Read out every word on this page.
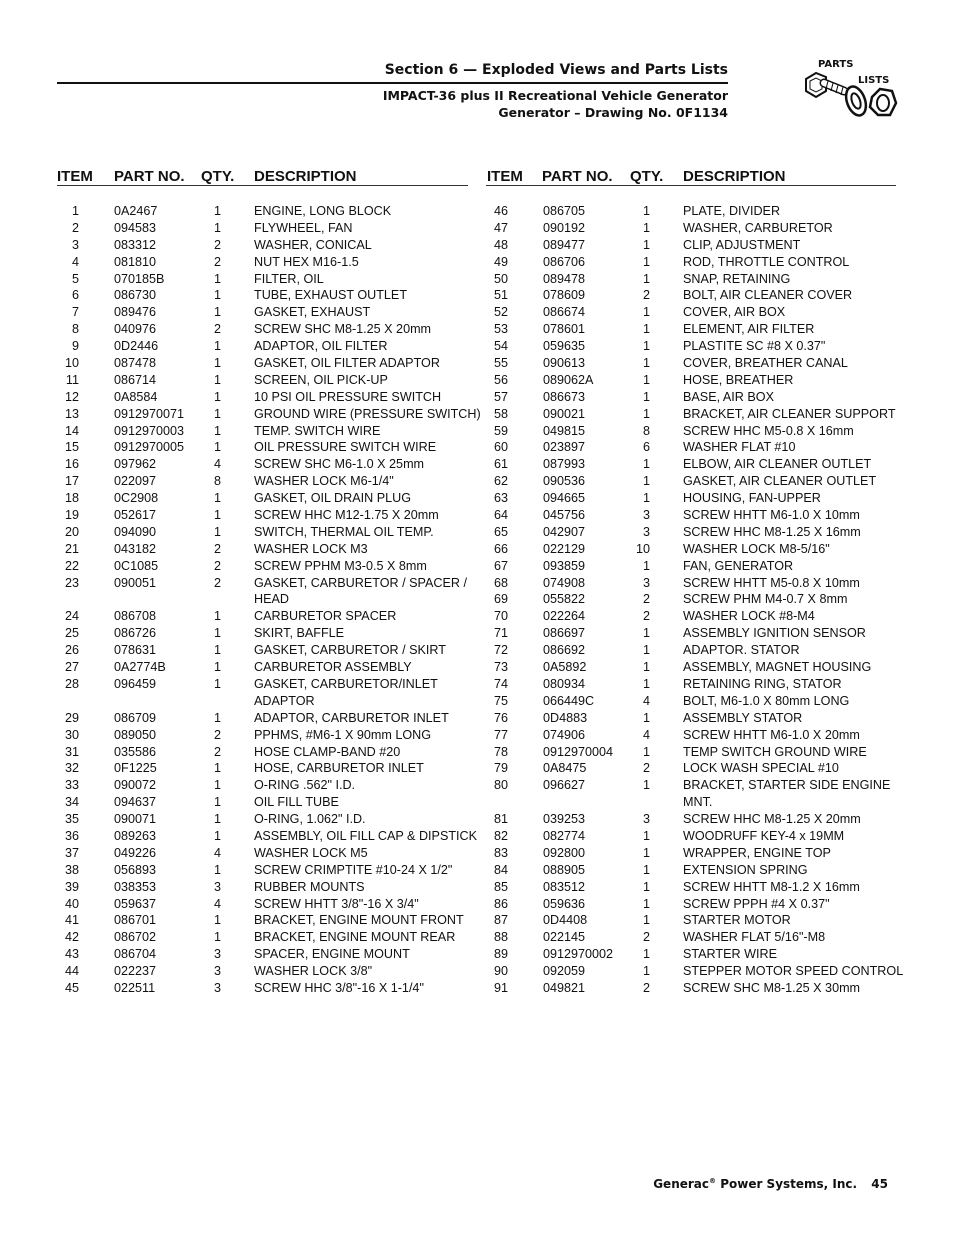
Section 6 — Exploded Views and Parts Lists
IMPACT-36 plus II Recreational Vehicle Generator
Generator – Drawing No. 0F1134
PARTS
LISTS
ITEM PART NO. QTY. DESCRIPTION	ITEM PART NO. QTY. DESCRIPTION
1	0A2467	1	ENGINE, LONG BLOCK
2	094583	1	FLYWHEEL, FAN
3	083312	2	WASHER, CONICAL
4	081810	2	NUT HEX M16-1.5
5	070185B	1	FILTER, OIL
6	086730	1	TUBE, EXHAUST OUTLET
7	089476	1	GASKET, EXHAUST
8	040976	2	SCREW SHC M8-1.25 X 20mm
9	0D2446	1	ADAPTOR, OIL FILTER
10	087478	1	GASKET, OIL FILTER ADAPTOR
11	086714	1	SCREEN, OIL PICK-UP
12	0A8584	1	10 PSI OIL PRESSURE SWITCH
13	0912970071 1	GROUND WIRE (PRESSURE SWITCH)
14	0912970003 1	TEMP. SWITCH WIRE
15	0912970005 1	OIL PRESSURE SWITCH WIRE
16	097962	4	SCREW SHC M6-1.0 X 25mm
17	022097	8	WASHER LOCK M6-1/4"
18	0C2908	1	GASKET, OIL DRAIN PLUG
19	052617	1	SCREW HHC M12-1.75 X 20mm
20	094090	1	SWITCH, THERMAL OIL TEMP.
21	043182	2	WASHER LOCK M3
22	0C1085	2	SCREW PPHM M3-0.5 X 8mm
23	090051	2	GASKET, CARBURETOR / SPACER /
HEAD
24	086708	1	CARBURETOR SPACER
25	086726	1	SKIRT, BAFFLE
26	078631	1	GASKET, CARBURETOR / SKIRT
27	0A2774B	1	CARBURETOR ASSEMBLY
28	096459	1	GASKET, CARBURETOR/INLET
ADAPTOR
29	086709	1	ADAPTOR, CARBURETOR INLET
30	089050	2	PPHMS, #M6-1 X 90mm LONG
31	035586	2	HOSE CLAMP-BAND #20
32	0F1225	1	HOSE, CARBURETOR INLET
33	090072	1	O-RING .562" I.D.
34	094637	1	OIL FILL TUBE
35	090071	1	O-RING, 1.062" I.D.
36	089263	1	ASSEMBLY, OIL FILL CAP & DIPSTICK
37	049226	4	WASHER LOCK M5
38	056893	1	SCREW CRIMPTITE #10-24 X 1/2"
39	038353	3	RUBBER MOUNTS
40	059637	4	SCREW HHTT 3/8"-16 X 3/4"
41	086701	1	BRACKET, ENGINE MOUNT FRONT
42	086702	1	BRACKET, ENGINE MOUNT REAR
43	086704	3	SPACER, ENGINE MOUNT
44	022237	3	WASHER LOCK 3/8"
45	022511	3	SCREW HHC 3/8"-16 X 1-1/4"
46	086705	1	PLATE, DIVIDER
47	090192	1	WASHER, CARBURETOR
48	089477	1	CLIP, ADJUSTMENT
49	086706	1	ROD, THROTTLE CONTROL
50	089478	1	SNAP, RETAINING
51	078609	2	BOLT, AIR CLEANER COVER
52	086674	1	COVER, AIR BOX
53	078601	1	ELEMENT, AIR FILTER
54	059635	1	PLASTITE SC #8 X 0.37"
55	090613	1	COVER, BREATHER CANAL
56	089062A	1	HOSE, BREATHER
57	086673	1	BASE, AIR BOX
58	090021	1	BRACKET, AIR CLEANER SUPPORT
59	049815	8	SCREW HHC M5-0.8 X 16mm
60	023897	6	WASHER FLAT #10
61	087993	1	ELBOW, AIR CLEANER OUTLET
62	090536	1	GASKET, AIR CLEANER OUTLET
63	094665	1	HOUSING, FAN-UPPER
64	045756	3	SCREW HHTT M6-1.0 X 10mm
65	042907	3	SCREW HHC M8-1.25 X 16mm
66	022129	10	WASHER LOCK M8-5/16"
67	093859	1	FAN, GENERATOR
68	074908	3	SCREW HHTT M5-0.8 X 10mm
69	055822	2	SCREW PHM M4-0.7 X 8mm
70	022264	2	WASHER LOCK #8-M4
71	086697	1	ASSEMBLY IGNITION SENSOR
72	086692	1	ADAPTOR. STATOR
73	0A5892	1	ASSEMBLY, MAGNET HOUSING
74	080934	1	RETAINING RING, STATOR
75	066449C	4	BOLT, M6-1.0 X 80mm LONG
76	0D4883	1	ASSEMBLY STATOR
77	074906	4	SCREW HHTT M6-1.0 X 20mm
78	0912970004 1	TEMP SWITCH GROUND WIRE
79	0A8475	2	LOCK WASH SPECIAL #10
80	096627	1	BRACKET, STARTER SIDE ENGINE
MNT.
81	039253	3	SCREW HHC M8-1.25 X 20mm
82	082774	1	WOODRUFF KEY-4 x 19MM
83	092800	1	WRAPPER, ENGINE TOP
84	088905	1	EXTENSION SPRING
85	083512	1	SCREW HHTT M8-1.2 X 16mm
86	059636	1	SCREW PPPH #4 X 0.37"
87	0D4408	1	STARTER MOTOR
88	022145	2	WASHER FLAT 5/16"-M8
89	0912970002 1	STARTER WIRE
90	092059	1	STEPPER MOTOR SPEED CONTROL
91	049821	2	SCREW SHC M8-1.25 X 30mm
Generac® Power Systems, Inc. 45
